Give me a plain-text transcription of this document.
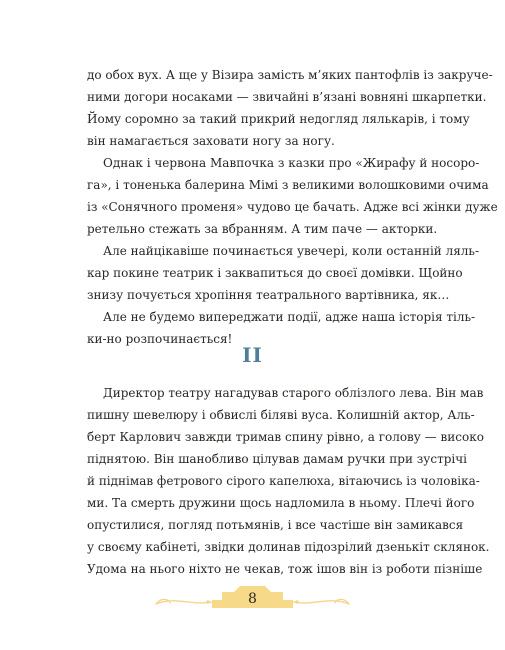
до обох вух. А ще у Візира замість м’яких пантофлів із закруче-
ними догори носаками — звичайні в’язані вовняні шкарпетки.
Йому соромно за такий прикрий недогляд лялькарів, і тому
він намагається заховати ногу за ногу.

Однак і червона Мавпочка з казки про «Жирафу й носоро-
га», і тоненька балерина Мімі з великими волошковими очима
із «Сонячного променя» чудово це бачать. Адже всі жінки дуже
ретельно стежать за вбранням. А тим паче — акторки.

Але найцікавіше починається увечері, коли останній ляль-
кар покине театрик і заквапиться до своєї домівки. Щойно
знизу почується хропіння театрального вартівника, як…

Але не будемо випереджати події, адже наша історія тіль-
ки-но розпочинається!

II

Директор театру нагадував старого облізлого лева. Він мав
пишну шевелюру і обвислі біляві вуса. Колишній актор, Аль-
берт Карлович завжди тримав спину рівно, а голову — високо
піднятою. Він шанобливо цілував дамам ручки при зустрічі
й піднімав фетрового сірого капелюха, вітаючись із чоловіка-
ми. Та смерть дружини щось надломила в ньому. Плечі його
опустилися, погляд потьмянів, і все частіше він замикався
у своєму кабінеті, звідки долинав підозрілий дзенькіт склянок.
Удома на нього ніхто не чекав, тож ішов він із роботи пізніше

8
